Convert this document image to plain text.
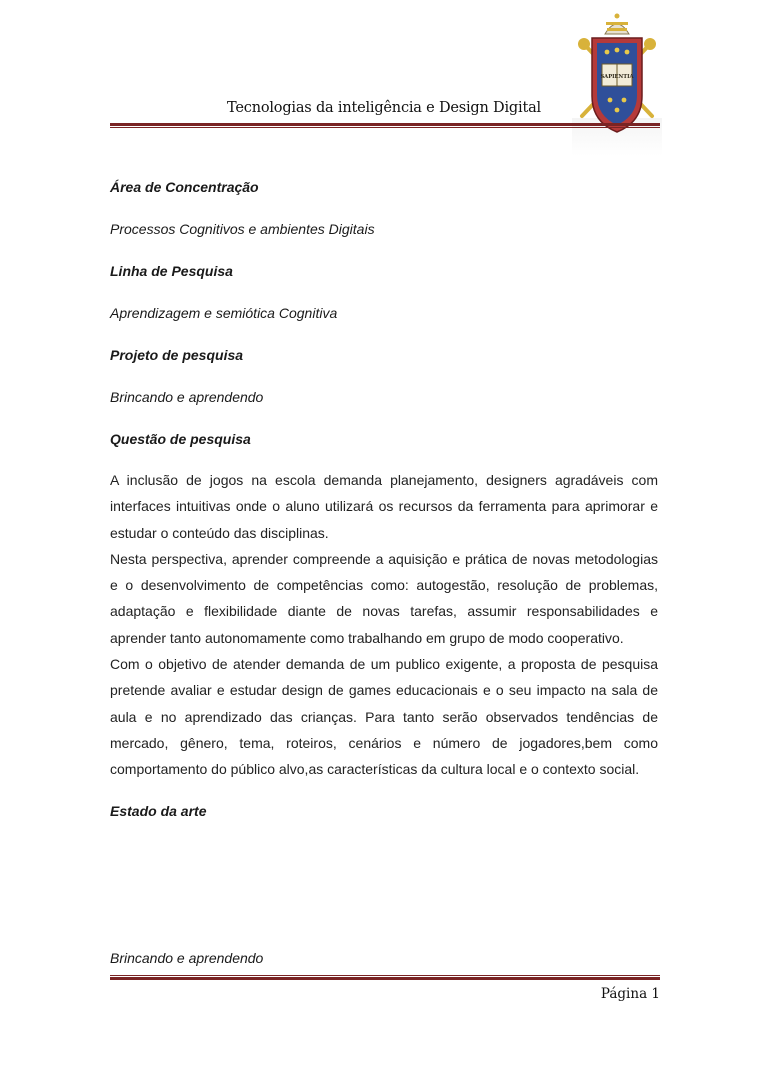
SAPIENTIA
Tecnologias da inteligência e Design Digital

Área de Concentração

Processos Cognitivos e ambientes Digitais

Linha de Pesquisa

Aprendizagem e semiótica Cognitiva

Projeto de pesquisa

Brincando e aprendendo

Questão de pesquisa

A inclusão de jogos na escola demanda planejamento, designers agradáveis com interfaces intuitivas onde o aluno utilizará os recursos da ferramenta para aprimorar e estudar o conteúdo das disciplinas.

Nesta perspectiva, aprender compreende a aquisição e prática de novas metodologias e o desenvolvimento de competências como: autogestão, resolução de problemas, adaptação e flexibilidade diante de novas tarefas, assumir responsabilidades e aprender tanto autonomamente como trabalhando em grupo de modo cooperativo.

Com o objetivo de atender demanda de um publico exigente, a proposta de pesquisa pretende avaliar e estudar design de games educacionais e o seu impacto na sala de aula e no aprendizado das crianças. Para tanto serão observados tendências de mercado, gênero, tema, roteiros, cenários e número de jogadores,bem como comportamento do público alvo,as características da cultura local e o contexto social.

Estado da arte

Brincando e aprendendo

Página 1
